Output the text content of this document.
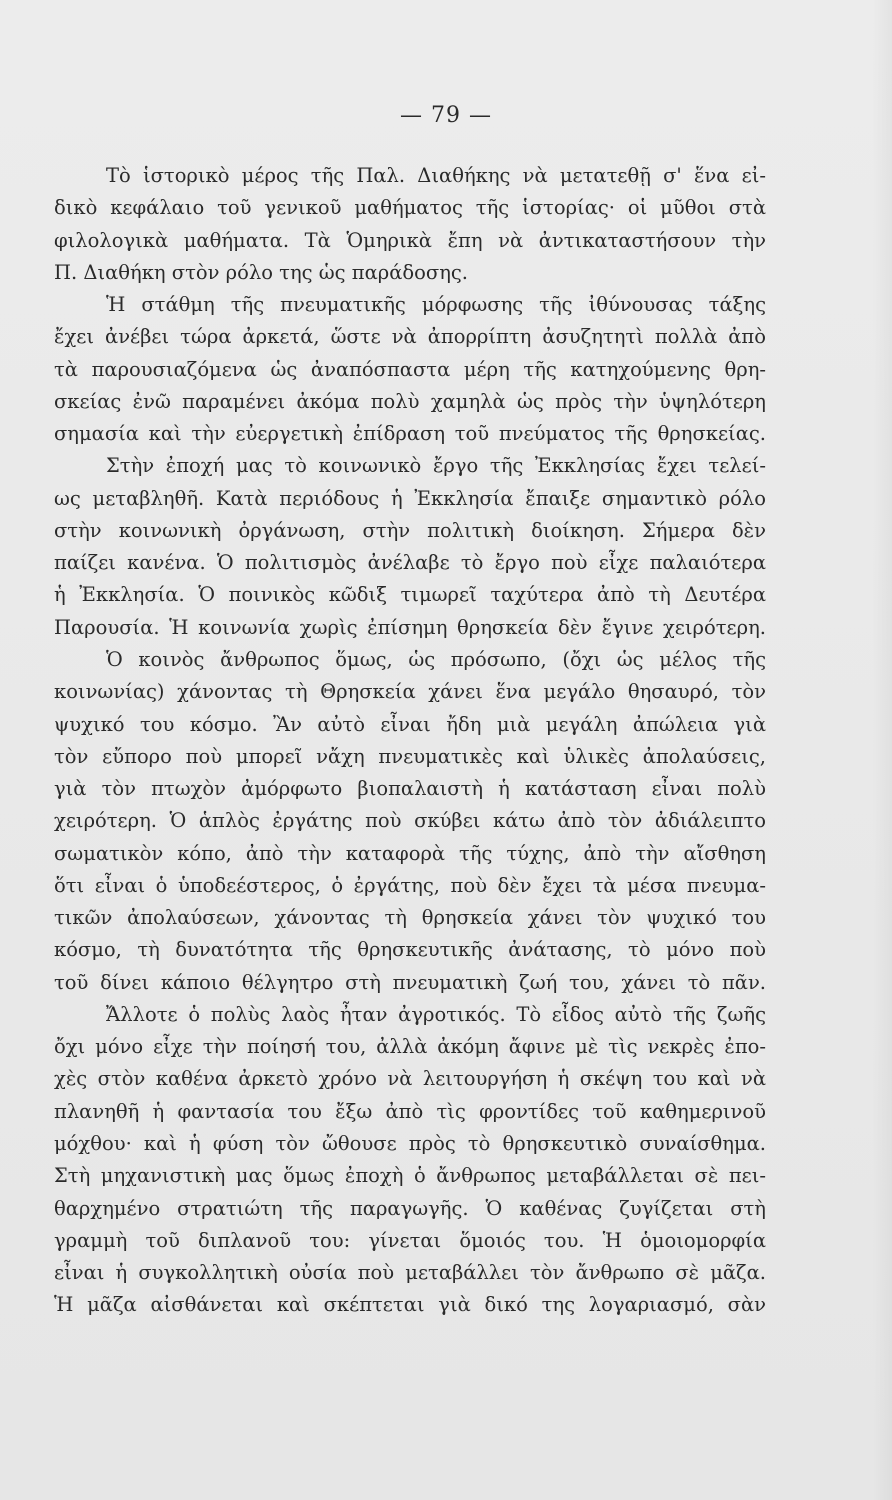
— 79 —
Τὸ ἱστορικὸ μέρος τῆς Παλ. Διαθήκης νὰ μετατεθῇ σ' ἕνα εἰ-
δικὸ κεφάλαιο τοῦ γενικοῦ μαθήματος τῆς ἱστορίας· οἱ μῦθοι στὰ
φιλολογικὰ μαθήματα. Τὰ Ὁμηρικὰ ἔπη νὰ ἀντικαταστήσουν τὴν
Π. Διαθήκη στὸν ρόλο της ὡς παράδοσης.
Ἡ στάθμη τῆς πνευματικῆς μόρφωσης τῆς ἰθύνουσας τάξης
ἔχει ἀνέβει τώρα ἀρκετά, ὥστε νὰ ἀπορρίπτη ἀσυζητητὶ πολλὰ ἀπὸ
τὰ παρουσιαζόμενα ὡς ἀναπόσπαστα μέρη τῆς κατηχούμενης θρη-
σκείας ἐνῶ παραμένει ἀκόμα πολὺ χαμηλὰ ὡς πρὸς τὴν ὑψηλότερη
σημασία καὶ τὴν εὐεργετικὴ ἐπίδραση τοῦ πνεύματος τῆς θρησκείας.
Στὴν ἐποχή μας τὸ κοινωνικὸ ἔργο τῆς Ἐκκλησίας ἔχει τελεί-
ως μεταβληθῆ. Κατὰ περιόδους ἡ Ἐκκλησία ἔπαιξε σημαντικὸ ρόλο
στὴν κοινωνικὴ ὀργάνωση, στὴν πολιτικὴ διοίκηση. Σήμερα δὲν
παίζει κανένα. Ὁ πολιτισμὸς ἀνέλαβε τὸ ἔργο ποὺ εἶχε παλαιότερα
ἡ Ἐκκλησία. Ὁ ποινικὸς κῶδιξ τιμωρεῖ ταχύτερα ἀπὸ τὴ Δευτέρα
Παρουσία. Ἡ κοινωνία χωρὶς ἐπίσημη θρησκεία δὲν ἔγινε χειρότερη.
Ὁ κοινὸς ἄνθρωπος ὅμως, ὡς πρόσωπο, (ὄχι ὡς μέλος τῆς
κοινωνίας) χάνοντας τὴ Θρησκεία χάνει ἕνα μεγάλο θησαυρό, τὸν
ψυχικό του κόσμο. Ἂν αὐτὸ εἶναι ἤδη μιὰ μεγάλη ἀπώλεια γιὰ
τὸν εὔπορο ποὺ μπορεῖ νἄχη πνευματικὲς καὶ ὑλικὲς ἀπολαύσεις,
γιὰ τὸν πτωχὸν ἀμόρφωτο βιοπαλαιστὴ ἡ κατάσταση εἶναι πολὺ
χειρότερη. Ὁ ἁπλὸς ἐργάτης ποὺ σκύβει κάτω ἀπὸ τὸν ἀδιάλειπτο
σωματικὸν κόπο, ἀπὸ τὴν καταφορὰ τῆς τύχης, ἀπὸ τὴν αἴσθηση
ὅτι εἶναι ὁ ὑποδεέστερος, ὁ ἐργάτης, ποὺ δὲν ἔχει τὰ μέσα πνευμα-
τικῶν ἀπολαύσεων, χάνοντας τὴ θρησκεία χάνει τὸν ψυχικό του
κόσμο, τὴ δυνατότητα τῆς θρησκευτικῆς ἀνάτασης, τὸ μόνο ποὺ
τοῦ δίνει κάποιο θέλγητρο στὴ πνευματικὴ ζωή του, χάνει τὸ πᾶν.
Ἄλλοτε ὁ πολὺς λαὸς ἦταν ἀγροτικός. Τὸ εἶδος αὐτὸ τῆς ζωῆς
ὄχι μόνο εἶχε τὴν ποίησή του, ἀλλὰ ἀκόμη ἄφινε μὲ τὶς νεκρὲς ἐπο-
χὲς στὸν καθένα ἀρκετὸ χρόνο νὰ λειτουργήση ἡ σκέψη του καὶ νὰ
πλανηθῆ ἡ φαντασία του ἔξω ἀπὸ τὶς φροντίδες τοῦ καθημερινοῦ
μόχθου· καὶ ἡ φύση τὸν ὤθουσε πρὸς τὸ θρησκευτικὸ συναίσθημα.
Στὴ μηχανιστικὴ μας ὅμως ἐποχὴ ὁ ἄνθρωπος μεταβάλλεται σὲ πει-
θαρχημένο στρατιώτη τῆς παραγωγῆς. Ὁ καθένας ζυγίζεται στὴ
γραμμὴ τοῦ διπλανοῦ του: γίνεται ὅμοιός του. Ἡ ὁμοιομορφία
εἶναι ἡ συγκολλητικὴ οὐσία ποὺ μεταβάλλει τὸν ἄνθρωπο σὲ μᾶζα.
Ἡ μᾶζα αἰσθάνεται καὶ σκέπτεται γιὰ δικό της λογαριασμό, σὰν
